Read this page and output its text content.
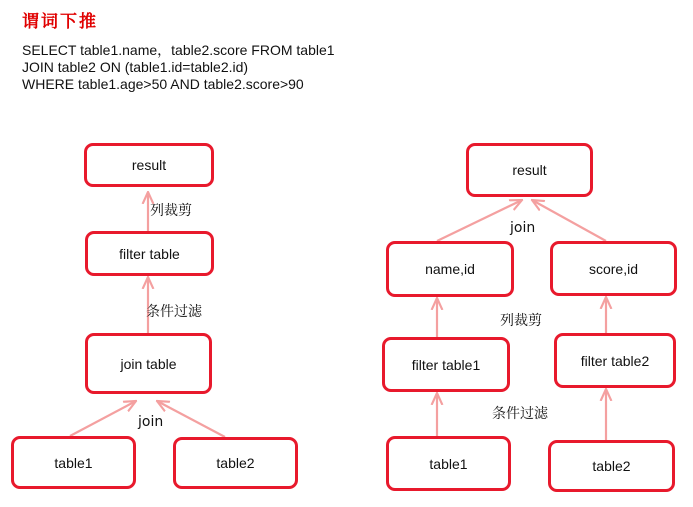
谓词下推
SELECT table1.name，table2.score FROM table1
JOIN table2 ON (table1.id=table2.id)
WHERE table1.age>50 AND table2.score>90
result
filter table
join table
table1	table2
列裁剪
条件过滤
join
result
name,id	score,id
filter table1	filter table2
table1	table2
join
列裁剪
条件过滤
